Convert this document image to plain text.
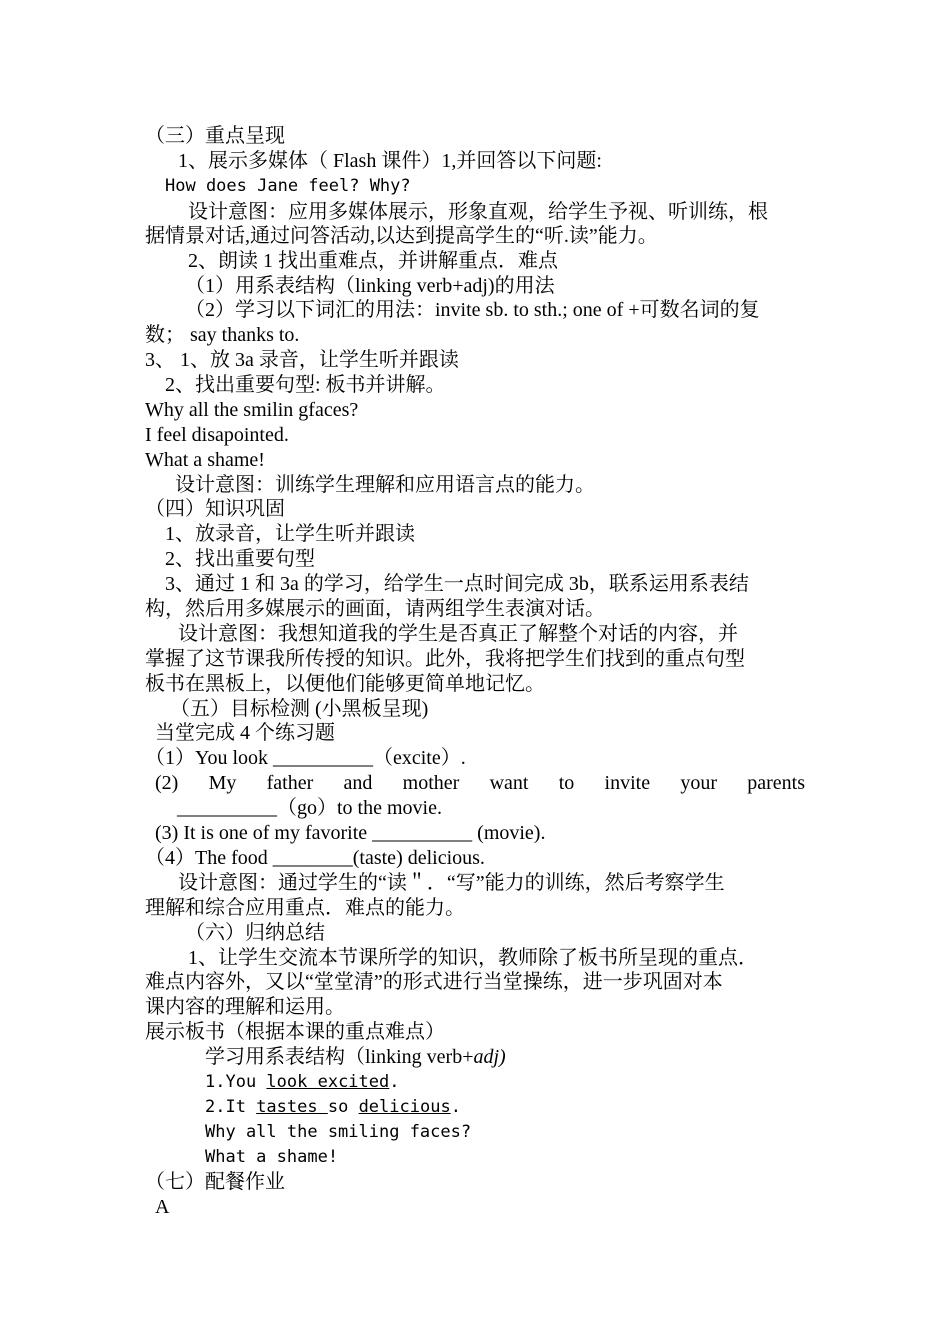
（三）重点呈现
1、展示多媒体（ Flash 课件）1,并回答以下问题:
How does Jane feel? Why?
设计意图：应用多媒体展示，形象直观，给学生予视、听训练，根
据情景对话,通过问答活动,以达到提高学生的“听.读”能力。
2、朗读 1 找出重难点，并讲解重点．难点
（1）用系表结构（linking verb+adj)的用法
（2）学习以下词汇的用法：invite sb. to sth.; one of +可数名词的复
数； say thanks to.
3、 1、放 3a 录音，让学生听并跟读
2、找出重要句型: 板书并讲解。
Why all the smilin gfaces?
I feel disapointed.
What a shame!
设计意图：训练学生理解和应用语言点的能力。
（四）知识巩固
1、放录音，让学生听并跟读
2、找出重要句型
3、通过 1 和 3a 的学习，给学生一点时间完成 3b，联系运用系表结
构，然后用多媒展示的画面，请两组学生表演对话。
设计意图：我想知道我的学生是否真正了解整个对话的内容，并
掌握了这节课我所传授的知识。此外，我将把学生们找到的重点句型
板书在黑板上，以便他们能够更简单地记忆。
（五）目标检测 (小黑板呈现)
当堂完成 4 个练习题
（1）You look __________（excite）.
(2) My father and mother want to invite your parents
__________（go）to the movie.
(3) It is one of my favorite __________ (movie).
（4）The food ________(taste) delicious.
设计意图：通过学生的“读＂．“写”能力的训练，然后考察学生
理解和综合应用重点．难点的能力。
（六）归纳总结
1、让学生交流本节课所学的知识，教师除了板书所呈现的重点．
难点内容外，又以“堂堂清”的形式进行当堂操练，进一步巩固对本
课内容的理解和运用。
展示板书（根据本课的重点难点）
学习用系表结构（linking verb+adj)
1.You look excited.
2.It tastes so delicious.
Why all the smiling faces?
What a shame!
（七）配餐作业
A
